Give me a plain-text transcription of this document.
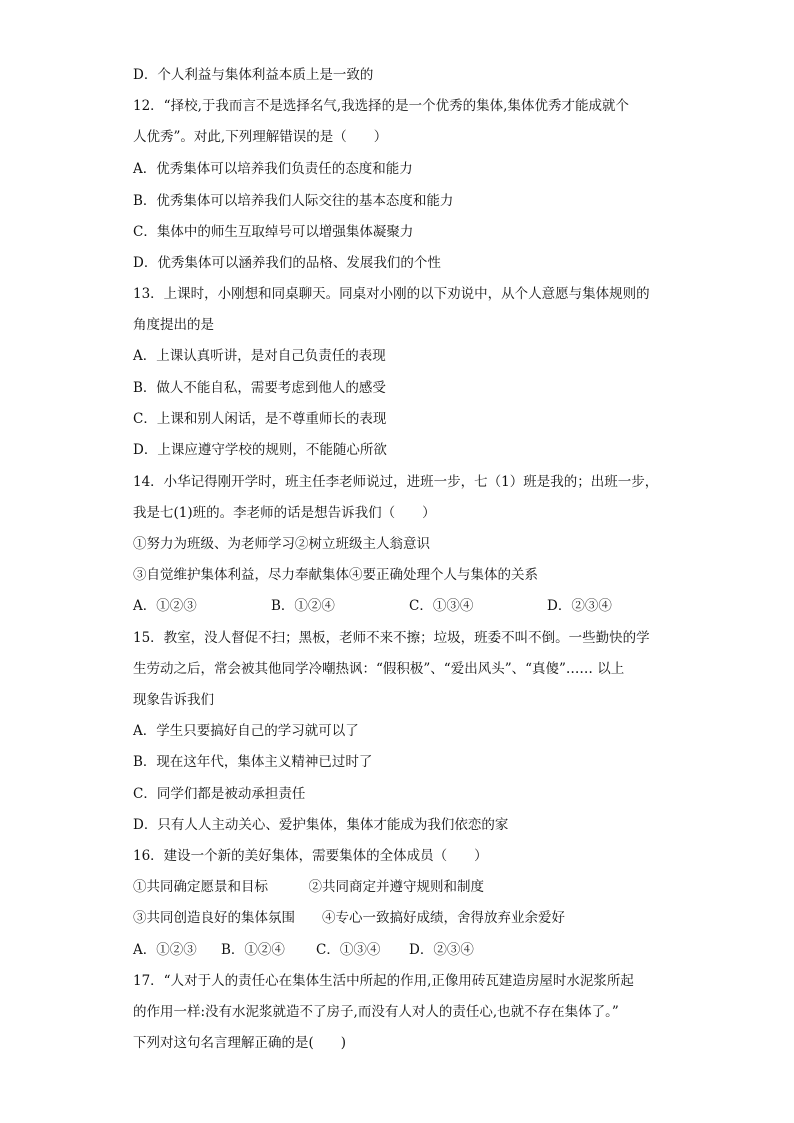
D．个人利益与集体利益本质上是一致的
12．“择校,于我而言不是选择名气,我选择的是一个优秀的集体,集体优秀才能成就个
人优秀”。对此,下列理解错误的是（　　）
A．优秀集体可以培养我们负责任的态度和能力
B．优秀集体可以培养我们人际交往的基本态度和能力
C．集体中的师生互取绰号可以增强集体凝聚力
D．优秀集体可以涵养我们的品格、发展我们的个性
13．上课时，小刚想和同桌聊天。同桌对小刚的以下劝说中，从个人意愿与集体规则的
角度提出的是
A．上课认真听讲，是对自己负责任的表现
B．做人不能自私，需要考虑到他人的感受
C．上课和别人闲话，是不尊重师长的表现
D．上课应遵守学校的规则，不能随心所欲
14．小华记得刚开学时，班主任李老师说过，进班一步，七（1）班是我的；出班一步，
我是七(1)班的。李老师的话是想告诉我们（　　）
①努力为班级、为老师学习②树立班级主人翁意识
③自觉维护集体利益，尽力奉献集体④要正确处理个人与集体的关系
A．①②③	B．①②④	C．①③④	D．②③④
15．教室，没人督促不扫；黑板，老师不来不擦；垃圾，班委不叫不倒。一些勤快的学
生劳动之后，常会被其他同学冷嘲热讽：“假积极”、“爱出风头”、“真傻”…… 以上
现象告诉我们
A．学生只要搞好自己的学习就可以了
B．现在这年代，集体主义精神已过时了
C．同学们都是被动承担责任
D．只有人人主动关心、爱护集体，集体才能成为我们依恋的家
16．建设一个新的美好集体，需要集体的全体成员（　　）
①共同确定愿景和目标　　　②共同商定并遵守规则和制度
③共同创造良好的集体氛围　　④专心一致搞好成绩，舍得放弃业余爱好
A．①②③ B．①②④ C．①③④ D．②③④
17．“人对于人的责任心在集体生活中所起的作用,正像用砖瓦建造房屋时水泥浆所起
的作用一样:没有水泥浆就造不了房子,而没有人对人的责任心,也就不存在集体了。”
下列对这句名言理解正确的是(　　)
